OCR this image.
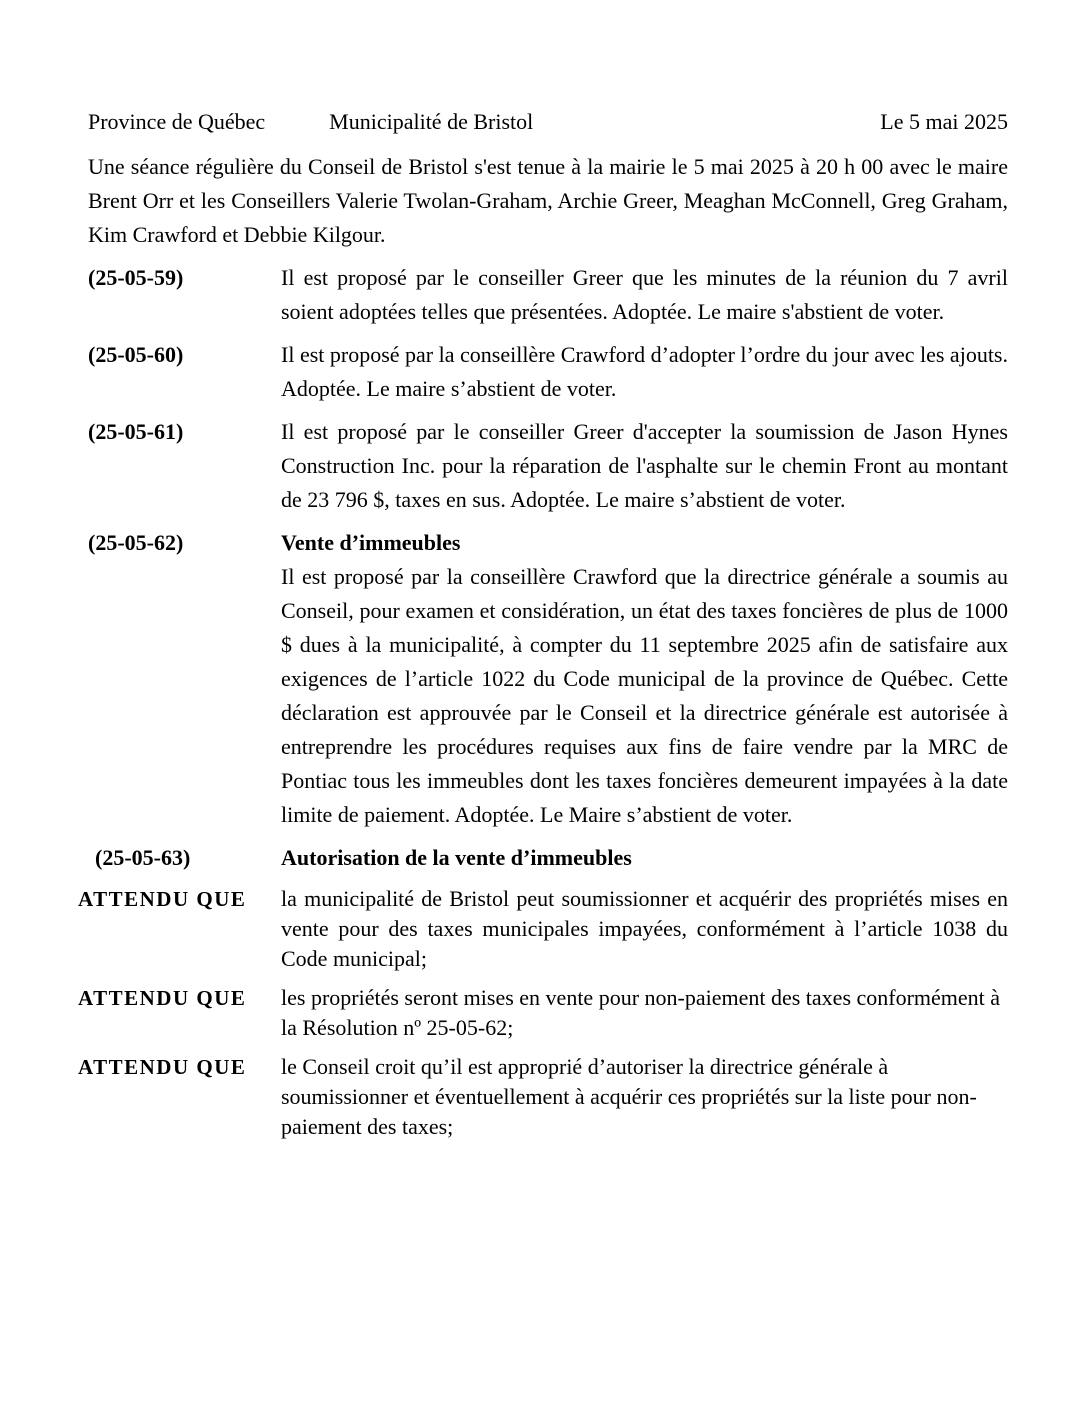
Province de Québec	Municipalité de Bristol	Le 5 mai 2025

Une séance régulière du Conseil de Bristol s'est tenue à la mairie le 5 mai 2025 à 20 h 00 avec le maire Brent Orr et les Conseillers Valerie Twolan-Graham, Archie Greer, Meaghan McConnell, Greg Graham, Kim Crawford et Debbie Kilgour.

(25-05-59)	Il est proposé par le conseiller Greer que les minutes de la réunion du 7 avril soient adoptées telles que présentées. Adoptée. Le maire s'abstient de voter.
(25-05-60)	Il est proposé par la conseillère Crawford d’adopter l’ordre du jour avec les ajouts. Adoptée. Le maire s’abstient de voter.
(25-05-61)	Il est proposé par le conseiller Greer d'accepter la soumission de Jason Hynes Construction Inc. pour la réparation de l'asphalte sur le chemin Front au montant de 23 796 $, taxes en sus. Adoptée. Le maire s’abstient de voter.
(25-05-62)	Vente d’immeubles
Il est proposé par la conseillère Crawford que la directrice générale a soumis au Conseil, pour examen et considération, un état des taxes foncières de plus de 1000 $ dues à la municipalité, à compter du 11 septembre 2025 afin de satisfaire aux exigences de l’article 1022 du Code municipal de la province de Québec. Cette déclaration est approuvée par le Conseil et la directrice générale est autorisée à entreprendre les procédures requises aux fins de faire vendre par la MRC de Pontiac tous les immeubles dont les taxes foncières demeurent impayées à la date limite de paiement. Adoptée. Le Maire s’abstient de voter.
(25-05-63)	Autorisation de la vente d’immeubles
ATTENDU QUE	la municipalité de Bristol peut soumissionner et acquérir des propriétés mises en vente pour des taxes municipales impayées, conformément à l’article 1038 du Code municipal;
ATTENDU QUE	les propriétés seront mises en vente pour non-paiement des taxes conformément à la Résolution nº 25-05-62;
ATTENDU QUE	le Conseil croit qu’il est approprié d’autoriser la directrice générale à soumissionner et éventuellement à acquérir ces propriétés sur la liste pour non-paiement des taxes;
